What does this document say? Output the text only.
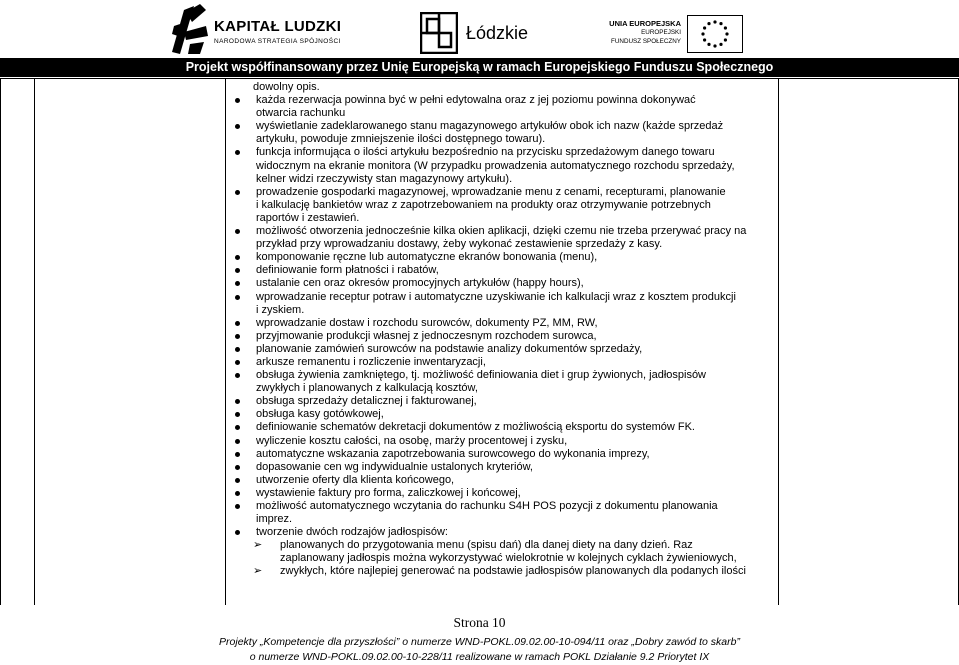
KAPITAŁ LUDZKI
NARODOWA STRATEGIA SPÓJNOŚCI	Łódzkie	UNIA EUROPEJSKA
EUROPEJSKI
FUNDUSZ SPOŁECZNY
Projekt współfinansowany przez Unię Europejską w ramach Europejskiego Funduszu Społecznego
dowolny opis.
każda rezerwacja powinna być w pełni edytowalna oraz z jej poziomu powinna dokonywać
otwarcia rachunku
wyświetlanie zadeklarowanego stanu magazynowego artykułów obok ich nazw (każde sprzedaż
artykułu, powoduje zmniejszenie ilości dostępnego towaru).
funkcja informująca o ilości artykułu bezpośrednio na przycisku sprzedażowym danego towaru
widocznym na ekranie monitora (W przypadku prowadzenia automatycznego rozchodu sprzedaży,
kelner widzi rzeczywisty stan magazynowy artykułu).
prowadzenie gospodarki magazynowej, wprowadzanie menu z cenami, recepturami, planowanie
i kalkulację bankietów wraz z zapotrzebowaniem na produkty oraz otrzymywanie potrzebnych
raportów i zestawień.
możliwość otworzenia jednocześnie kilka okien aplikacji, dzięki czemu nie trzeba przerywać pracy na
przykład przy wprowadzaniu dostawy, żeby wykonać zestawienie sprzedaży z kasy.
komponowanie ręczne lub automatyczne ekranów bonowania (menu),
definiowanie form płatności i rabatów,
ustalanie cen oraz okresów promocyjnych artykułów (happy hours),
wprowadzanie receptur potraw i automatyczne uzyskiwanie ich kalkulacji wraz z kosztem produkcji
i zyskiem.
wprowadzanie dostaw i rozchodu surowców, dokumenty PZ, MM, RW,
przyjmowanie produkcji własnej z jednoczesnym rozchodem surowca,
planowanie zamówień surowców na podstawie analizy dokumentów sprzedaży,
arkusze remanentu i rozliczenie inwentaryzacji,
obsługa żywienia zamkniętego, tj. możliwość definiowania diet i grup żywionych, jadłospisów
zwykłych i planowanych z kalkulacją kosztów,
obsługa sprzedaży detalicznej i fakturowanej,
obsługa kasy gotówkowej,
definiowanie schematów dekretacji dokumentów z możliwością eksportu do systemów FK.
wyliczenie kosztu całości, na osobę, marży procentowej i zysku,
automatyczne wskazania zapotrzebowania surowcowego do wykonania imprezy,
dopasowanie cen wg indywidualnie ustalonych kryteriów,
utworzenie oferty dla klienta końcowego,
wystawienie faktury pro forma, zaliczkowej i końcowej,
możliwość automatycznego wczytania do rachunku S4H POS pozycji z dokumentu planowania
imprez.
tworzenie dwóch rodzajów jadłospisów:
➢ planowanych do przygotowania menu (spisu dań) dla danej diety na dany dzień. Raz
zaplanowany jadłospis można wykorzystywać wielokrotnie w kolejnych cyklach żywieniowych,
➢ zwykłych, które najlepiej generować na podstawie jadłospisów planowanych dla podanych ilości
Strona 10
Projekty „Kompetencje dla przyszłości” o numerze WND-POKL.09.02.00-10-094/11 oraz „Dobry zawód to skarb”
o numerze WND-POKL.09.02.00-10-228/11 realizowane w ramach POKL Działanie 9.2 Priorytet IX
